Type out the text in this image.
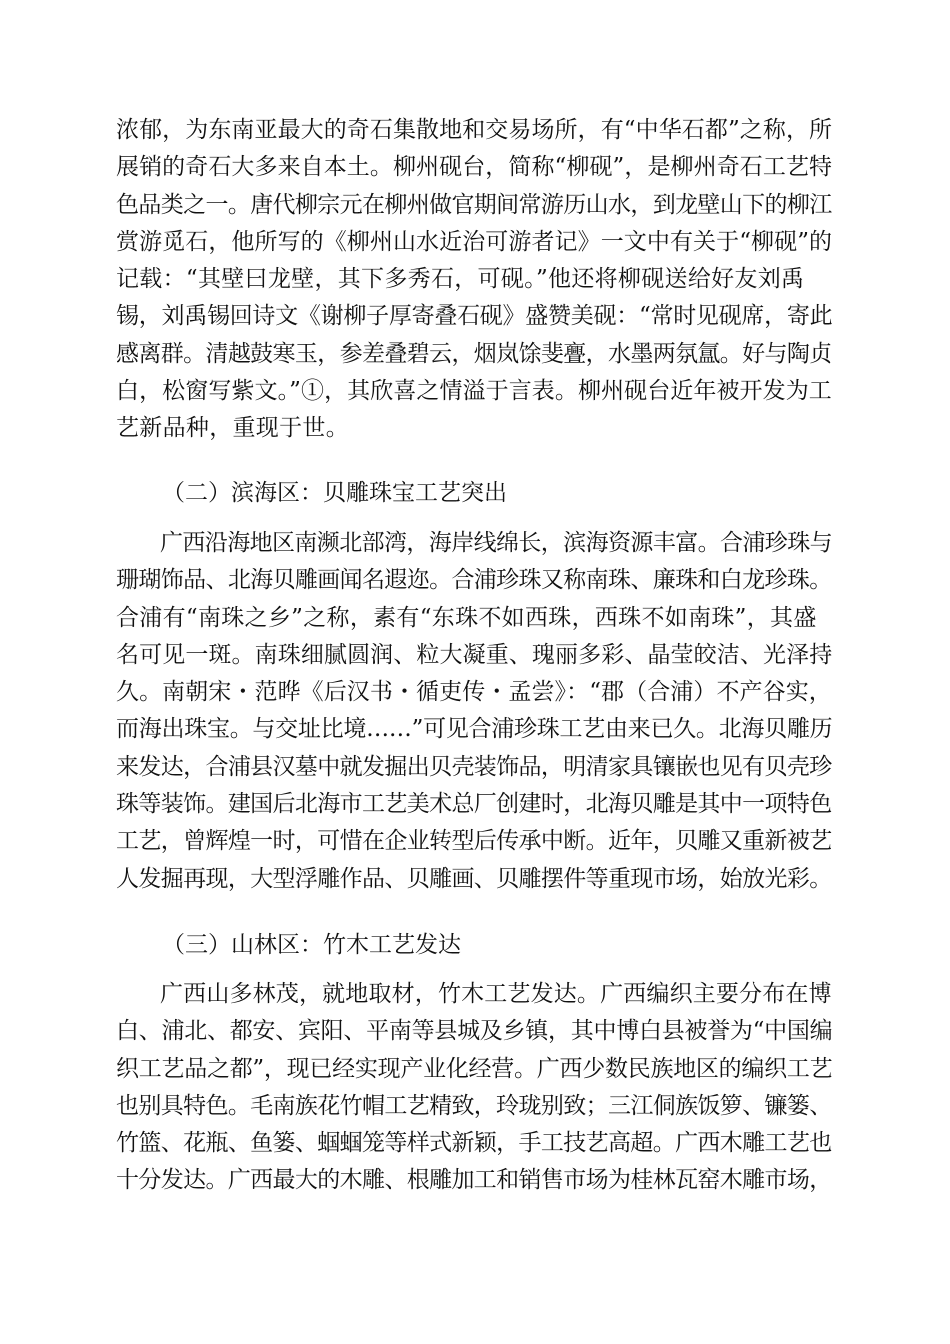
浓郁，为东南亚最大的奇石集散地和交易场所，有“中华石都”之称，所
展销的奇石大多来自本土。柳州砚台，简称“柳砚”，是柳州奇石工艺特
色品类之一。唐代柳宗元在柳州做官期间常游历山水，到龙壁山下的柳江
赏游觅石，他所写的《柳州山水近治可游者记》一文中有关于“柳砚”的
记载：“其壁曰龙壁，其下多秀石，可砚。”他还将柳砚送给好友刘禹
锡，刘禹锡回诗文《谢柳子厚寄叠石砚》盛赞美砚：“常时见砚席，寄此
感离群。清越鼓寒玉，参差叠碧云，烟岚馀斐亹，水墨两氛氲。好与陶贞
白，松窗写紫文。”①，其欣喜之情溢于言表。柳州砚台近年被开发为工
艺新品种，重现于世。
（二）滨海区：贝雕珠宝工艺突出
广西沿海地区南濒北部湾，海岸线绵长，滨海资源丰富。合浦珍珠与
珊瑚饰品、北海贝雕画闻名遐迩。合浦珍珠又称南珠、廉珠和白龙珍珠。
合浦有“南珠之乡”之称，素有“东珠不如西珠，西珠不如南珠”，其盛
名可见一斑。南珠细腻圆润、粒大凝重、瑰丽多彩、晶莹皎洁、光泽持
久。南朝宋・范晔《后汉书・循吏传・孟尝》：“郡（合浦）不产谷实，
而海出珠宝。与交址比境……”可见合浦珍珠工艺由来已久。北海贝雕历
来发达，合浦县汉墓中就发掘出贝壳装饰品，明清家具镶嵌也见有贝壳珍
珠等装饰。建国后北海市工艺美术总厂创建时，北海贝雕是其中一项特色
工艺，曾辉煌一时，可惜在企业转型后传承中断。近年，贝雕又重新被艺
人发掘再现，大型浮雕作品、贝雕画、贝雕摆件等重现市场，始放光彩。
（三）山林区：竹木工艺发达
广西山多林茂，就地取材，竹木工艺发达。广西编织主要分布在博
白、浦北、都安、宾阳、平南等县城及乡镇，其中博白县被誉为“中国编
织工艺品之都”，现已经实现产业化经营。广西少数民族地区的编织工艺
也别具特色。毛南族花竹帽工艺精致，玲珑别致；三江侗族饭箩、镰篓、
竹篮、花瓶、鱼篓、蝈蝈笼等样式新颖，手工技艺高超。广西木雕工艺也
十分发达。广西最大的木雕、根雕加工和销售市场为桂林瓦窑木雕市场，
